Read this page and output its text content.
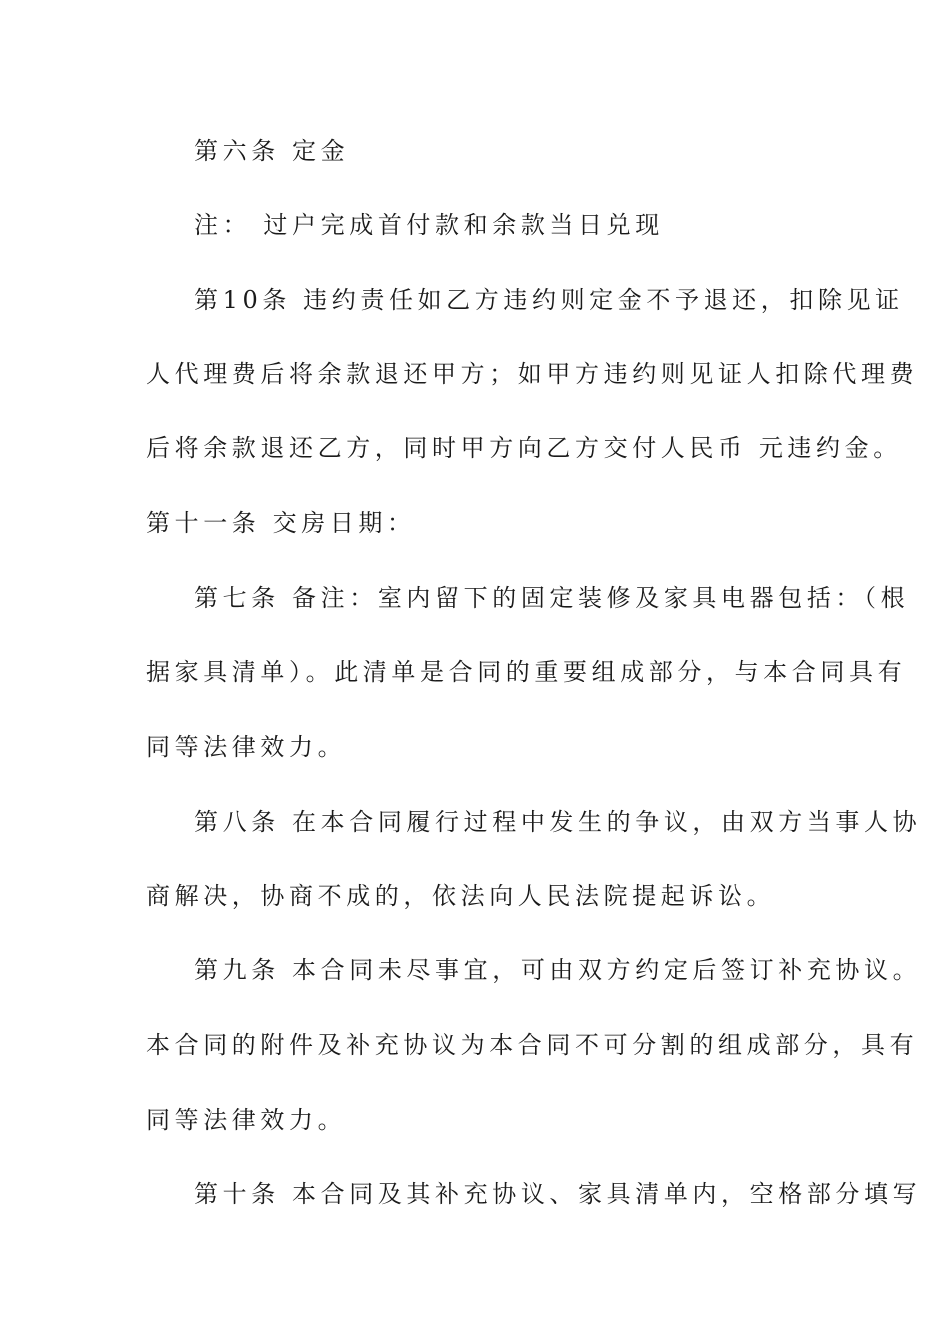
第六条 定金
注： 过户完成首付款和余款当日兑现
第10条 违约责任如乙方违约则定金不予退还，扣除见证
人代理费后将余款退还甲方；如甲方违约则见证人扣除代理费
后将余款退还乙方，同时甲方向乙方交付人民币 元违约金。
第十一条 交房日期：
第七条 备注：室内留下的固定装修及家具电器包括：（根
据家具清单）。此清单是合同的重要组成部分，与本合同具有
同等法律效力。
第八条 在本合同履行过程中发生的争议，由双方当事人协
商解决，协商不成的，依法向人民法院提起诉讼。
第九条 本合同未尽事宜，可由双方约定后签订补充协议。
本合同的附件及补充协议为本合同不可分割的组成部分，具有
同等法律效力。
第十条 本合同及其补充协议、家具清单内，空格部分填写
